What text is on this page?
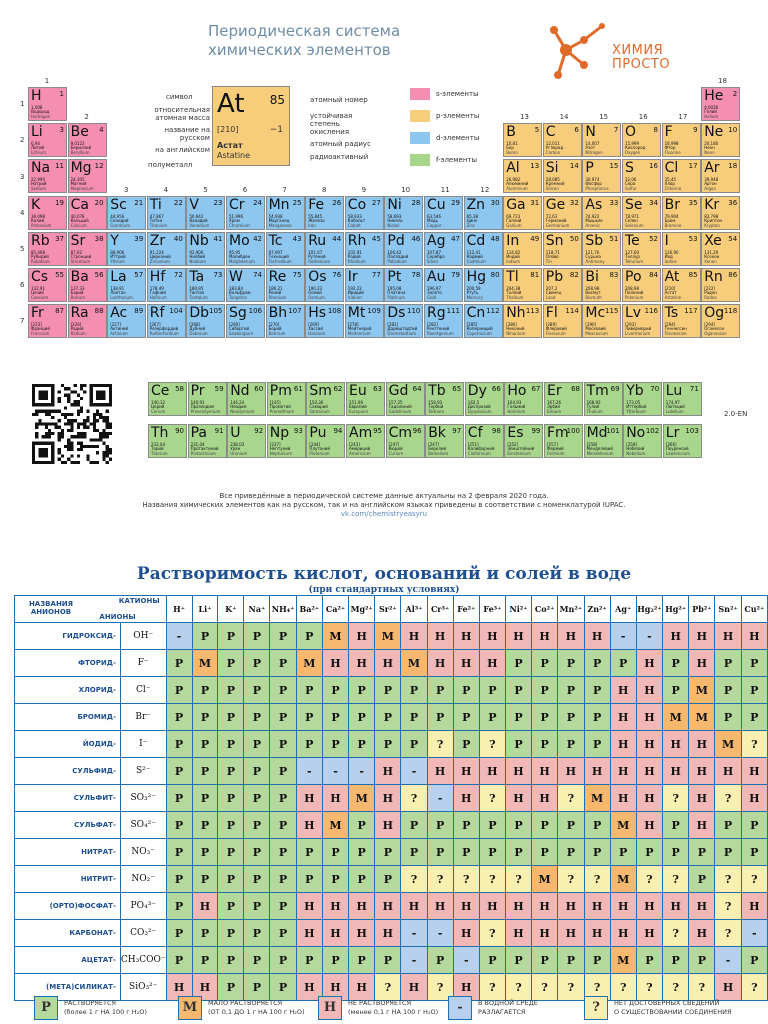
Периодическая система
химических элементов	ХИМИЯ
ПРОСТО
At 85
[210]	−1
Астат
Astatine
символ
относительная атомная масса
название на русском
на английском
полуметалл
атомный номер
устойчивая степень окисления
атомный радиус
радиоактивный
s-элементы
p-элементы
d-элементы
f-элементы
1
2
3	4	5	6	7	8	9	10	11	12
13	14	15	16	17
18
1
2
3
4
5
6
7
H	1
1,008
Водород
Hydrogen
He 2
4,0026
Гелий
Helium
Li 3
6,94
Литий
Lithium
Be 4
9,0122
Бериллий
Beryllium
B	5
10,81
Бор
Boron
C	6
12,011
Углерод
Carbon
N	7
14,007
Азот
Nitrogen
O	8
15,999
Кислород
Oxygen
F	9
18,998
Фтор
Fluorine
Ne 10
20,180
Неон
Neon
Na 11
22,990
Натрий
Sodium
Mg 12
24,305
Магний
Magnesium
Al 13
26,982
Алюминий
Aluminium
Si 14
28,085
Кремний
Silicon
P 15
30,974
Фосфор
Phosphorus
S 16
32,06
Сера
Sulfur
Cl 17
35,45
Хлор
Chlorine
Ar 18
39,948
Аргон
Argon
K 19
39,098
Калий
Potassium
Ca 20
40,078
Кальций
Calcium
Sc 21
44,956
Скандий
Scandium
Ti 22
47,867
Титан
Titanium
V 23
50,942
Ванадий
Vanadium
Cr 24
51,996
Хром
Chromium
Mn 25
54,938
Марганец
Manganese
Fe 26
55,845
Железо
Iron
Co 27
58,933
Кобальт
Cobalt
Ni 28
58,693
Никель
Nickel
Cu 29
63,546
Медь
Copper
Zn 30
65,38
Цинк
Zinc
Ga 31
69,723
Галлий
Gallium
Ge 32
72,63
Германий
Germanium
As 33
74,922
Мышьяк
Arsenic
Se 34
78,971
Селен
Selenium
Br 35
79,904
Бром
Bromine
Kr 36
83,798
Криптон
Krypton
Rb 37
85,468
Рубидий
Rubidium
Sr 38
87,62
Стронций
Strontium
Y 39
88,906
Иттрий
Yttrium
Zr 40
91,224
Цирконий
Zirconium
Nb 41
92,906
Ниобий
Niobium
Mo 42
95,95
Молибден
Molybdenum
Tc 43
97,907
Технеций
Technetium
Ru 44
101,07
Рутений
Ruthenium
Rh 45
102,91
Родий
Rhodium
Pd 46
106,42
Палладий
Palladium
Ag 47
107,87
Серебро
Silver
Cd 48
112,41
Кадмий
Cadmium
In 49
114,82
Индий
Indium
Sn 50
118,71
Олово
Tin
Sb 51
121,76
Сурьма
Antimony
Te 52
127,60
Теллур
Tellurium
I	53
126,90
Иод
Iodine
Xe 54
131,29
Ксенон
Xenon
Cs 55
132,91
Цезий
Caesium
Ba 56
137,33
Барий
Barium
La 57
138,91
Лантан
Lanthanum
Hf 72
178,49
Гафний
Hafnium
Ta 73
180,95
Тантал
Tantalum
W 74
183,84
Вольфрам
Tungsten
Re 75
186,21
Рений
Rhenium
Os 76
190,23
Осмий
Osmium
Ir 77
192,22
Иридий
Iridium
Pt 78
195,08
Платина
Platinum
Au 79
196,97
Золото
Gold
Hg 80
200,59
Ртуть
Mercury
Tl 81
204,38
Таллий
Thallium
Pb 82
207,2
Свинец
Lead
Bi 83
208,98
Висмут
Bismuth
Po 84
208,98
Полоний
Polonium
At 85
[210]
Астат
Astatine
Rn 86
[222]
Радон
Radon
Fr 87
[223]
Франций
Francium
Ra 88
[226]
Радий
Radium
Ac 89
[227]
Актиний
Actinium
Rf 104
[267]
Резерфордий
Rutherfordium
Db 105
[268]
Дубний
Dubnium
Sg 106
[269]
Сиборгий
Seaborgium
Bh 107
[270]
Борий
Bohrium
Hs 108
[269]
Хассий
Hassium
Mt 109
[278]
Мейтнерий
Meitnerium
Ds 110
[281]
Дармштадтий
Darmstadtium
Rg 111
[282]
Рентгений
Roentgenium
Cn 112
[285]
Коперниций
Copernicium
Nh 113
[286]
Нихоний
Nihonium
Fl 114
[289]
Флеровий
Flerovium
Mc 115
[290]
Московий
Moscovium
Lv 116
[293]
Ливерморий
Livermorium
Ts 117
[294]
Теннессин
Tennessine
Og 118
[294]
Оганесон
Oganesson
Ce 58
140,12
Церий
Cerium
Pr 59
140,91
Празеодим
Praseodymium
Nd 60
144,24
Неодим
Neodymium
Pm 61
[145]
Прометий
Promethium
Sm 62
150,36
Самарий
Samarium
Eu 63
151,96
Европий
Europium
Gd 64
157,25
Гадолиний
Gadolinium
Tb 65
158,93
Тербий
Terbium
Dy 66
162,5
Диспрозий
Dysprosium
Ho 67
164,93
Гольмий
Holmium
Er 68
167,26
Эрбий
Erbium
Tm 69
168,93
Тулий
Thulium
Yb 70
173,05
Иттербий
Ytterbium
Lu 71
174,97
Лютеций
Lutetium
Th 90
232,04
Торий
Thorium
Pa 91
231,04
Протактиний
Protactinium
U 92
238,03
Уран
Uranium
Np 93
[237]
Нептуний
Neptunium
Pu 94
[244]
Плутоний
Plutonium
Am 95
[243]
Америций
Americium
Cm 96
[247]
Кюрий
Curium
Bk 97
[247]
Берклий
Berkelium
Cf 98
[251]
Калифорний
Californium
Es 99
[252]
Эйнштейний
Einsteinium
Fm
100
[257]
Фермий
Fermium
Md
101
[258]
Менделевий
Mendelevium
No 102
[259]
Нобелий
Nobelium
Lr 103
[266]
Лоуренсий
Lawrencium
2.0-EN
Все приведённые в периодической системе данные актуальны на 2 февраля 2020 года.
Названия химических элементов как на русском, так и на английском языках приведены в соответствии с номенклатурой IUPAC.
vk.com/chemistryeasyru
Растворимость кислот, оснований и солей в воде
(при стандартных условиях)
КАТИОНЫ
НАЗВАНИЯ АНИОНОВ
АНИОНЫ		H⁺	Li⁺	K⁺	Na⁺	NH₄⁺	Ba²⁺	Ca²⁺	Mg²⁺	Sr²⁺	Al³⁺	Cr³⁺	Fe²⁺	Fe³⁺	Ni²⁺	Co²⁺	Mn²⁺	Zn²⁺	Ag⁺	Hg₂²⁺	Hg²⁺	Pb²⁺	Sn²⁺	Cu²⁺
ГИДРОКСИД-	OH⁻	-	P	P	P	P	P	M	H	M	H	H	H	H	H	H	H	H	-	-	H	H	H	H
ФТОРИД-	F⁻	P	M	P	P	P	M	H	H	H	M	H	H	H	P	P	P	P	P	H	P	H	P	P
ХЛОРИД-	Cl⁻	P	P	P	P	P	P	P	P	P	P	P	P	P	P	P	P	P	H	H	P	M	P	P
БРОМИД-	Br⁻	P	P	P	P	P	P	P	P	P	P	P	P	P	P	P	P	P	H	H	M	M	P	P
ЙОДИД-	I⁻	P	P	P	P	P	P	P	P	P	P	?	P	?	P	P	P	P	H	H	H	H	M	?
СУЛЬФИД-	S²⁻	P	P	P	P	P	-	-	-	H	-	H	H	H	H	H	H	H	H	H	H	H	H	H
СУЛЬФИТ-	SO₃²⁻	P	P	P	P	P	H	H	M	H	?	-	H	?	H	H	?	M	H	H	?	H	?	H
СУЛЬФАТ-	SO₄²⁻	P	P	P	P	P	H	M	P	H	P	P	P	P	P	P	P	P	M	H	P	H	P	P
НИТРАТ-	NO₃⁻	P	P	P	P	P	P	P	P	P	P	P	P	P	P	P	P	P	P	P	P	P	P	P
НИТРИТ-	NO₂⁻	P	P	P	P	P	P	P	P	P	?	?	?	?	?	M	?	?	M	?	?	P	?	?
(ОРТО)ФОСФАТ-	PO₄³⁻	P	H	P	P	P	H	H	H	H	H	H	H	H	H	H	H	H	H	H	H	H	?	H
КАРБОНАТ-	CO₃²⁻	P	P	P	P	P	H	H	H	H	-	-	H	?	H	H	H	H	H	H	?	H	?	-
АЦЕТАТ-	CH₃COO⁻	P	P	P	P	P	P	P	P	P	-	P	-	P	P	P	P	P	M	P	P	P	-	P
(МЕТА)СИЛИКАТ-	SiO₃²⁻	H	H	P	P	P	H	H	H	?	H	?	H	?	?	?	?	?	?	?	?	?	H	?
P	РАСТВОРЯЕТСЯ
(более 1 г НА 100 г H₂O)	M	МАЛО РАСТВОРЯЕТСЯ
(ОТ 0,1 ДО 1 г НА 100 г H₂O)	H	НЕ РАСТВОРЯЕТСЯ
(менее 0,1 г НА 100 г H₂O)	-	В ВОДНОЙ СРЕДЕ
РАЗЛАГАЕТСЯ	?	НЕТ ДОСТОВЕРНЫХ СВЕДЕНИЙ
О СУЩЕСТВОВАНИИ СОЕДИНЕНИЯ
